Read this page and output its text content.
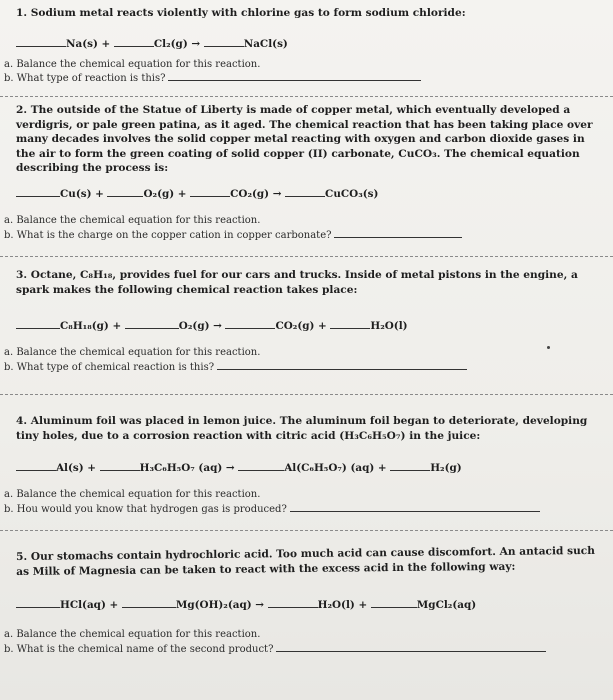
1. Sodium metal reacts violently with chlorine gas to form sodium chloride:
Na(s) +	Cl₂(g) →	NaCl(s)
a. Balance the chemical equation for this reaction.
b. What type of reaction is this?
2. The outside of the Statue of Liberty is made of copper metal, which eventually developed a verdigris, or pale green patina, as it aged. The chemical reaction that has been taking place over many decades involves the solid copper metal reacting with oxygen and carbon dioxide gases in the air to form the green coating of solid copper (II) carbonate, CuCO₃. The chemical equation describing the process is:
Cu(s) +	O₂(g) +	CO₂(g) →	CuCO₃(s)
a. Balance the chemical equation for this reaction.
b. What is the charge on the copper cation in copper carbonate?
3. Octane, C₈H₁₈, provides fuel for our cars and trucks. Inside of metal pistons in the engine, a spark makes the following chemical reaction takes place:
C₈H₁₈(g) +	O₂(g) →	CO₂(g) +	H₂O(l)
a. Balance the chemical equation for this reaction.
b. What type of chemical reaction is this?
4. Aluminum foil was placed in lemon juice. The aluminum foil began to deteriorate, developing tiny holes, due to a corrosion reaction with citric acid (H₃C₆H₅O₇) in the juice:
Al(s) +	H₃C₆H₅O₇ (aq) →	Al(C₆H₅O₇) (aq) +	H₂(g)
a. Balance the chemical equation for this reaction.
b. Hou would you know that hydrogen gas is produced?
5. Our stomachs contain hydrochloric acid. Too much acid can cause discomfort. An antacid such as Milk of Magnesia can be taken to react with the excess acid in the following way:
HCl(aq) +	Mg(OH)₂(aq) →	H₂O(l) +	MgCl₂(aq)
a. Balance the chemical equation for this reaction.
b. What is the chemical name of the second product?
